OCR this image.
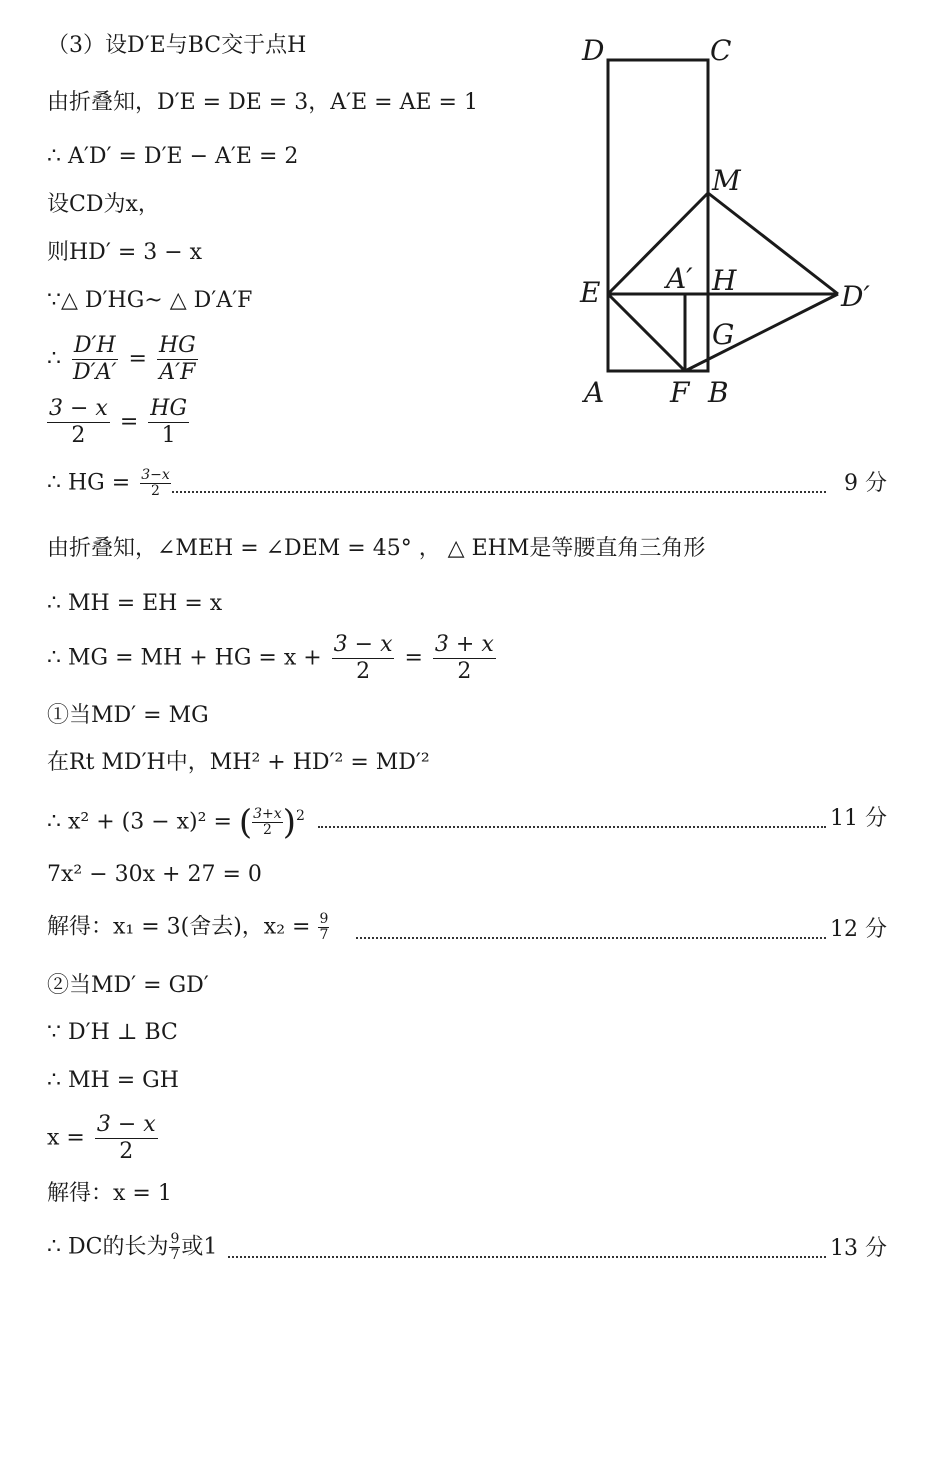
D	C
M
E A′ H	D′
G
A F B
（3）设D′E与BC交于点H
由折叠知，D′E = DE = 3，A′E = AE = 1
∴ A′D′ = D′E − A′E = 2
设CD为x，
则HD′ = 3 − x
∵△ D′HG~ △ D′A′F
∴ $\frac{D'H}{D'A'} = \frac{HG}{A'F}$
$\frac{3 - x}{2} = \frac{HG}{1}$
∴ HG = $\frac{3-x}{2}$	9 分
由折叠知，∠MEH = ∠DEM = 45° ， △ EHM是等腰直角三角形
∴ MH = EH = x
∴ MG = MH + HG = $x + \frac{3 - x}{2} = \frac{3 + x}{2}$
①当MD′ = MG
在Rt MD′H中，MH² + HD′² = MD′²
∴ x² + (3 − x)² = ( $\frac{3+x}{2} )^2$	11 分
7x² − 30x + 27 = 0
解得：x₁ = 3(舍去)，$x_2 = \frac{9}{7}$	12 分
②当MD′ = GD′
∵ D′H ⊥ BC
∴ MH = GH
$x = \frac{3 - x}{2}$
解得：x = 1
∴ DC的长为 $\frac{9}{7}$ 或1	13 分
